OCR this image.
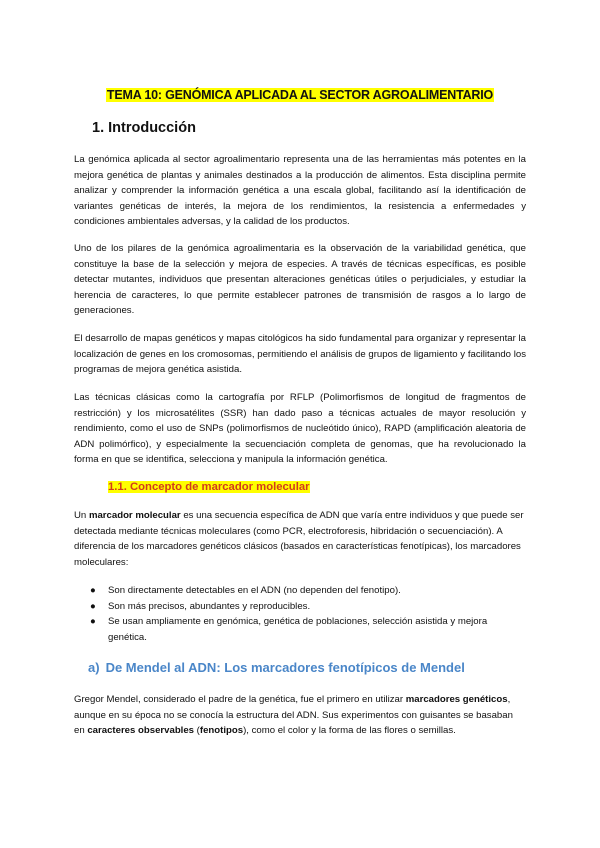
TEMA 10: GENÓMICA APLICADA AL SECTOR AGROALIMENTARIO
1. Introducción

La genómica aplicada al sector agroalimentario representa una de las herramientas más potentes en la mejora genética de plantas y animales destinados a la producción de alimentos. Esta disciplina permite analizar y comprender la información genética a una escala global, facilitando así la identificación de variantes genéticas de interés, la mejora de los rendimientos, la resistencia a enfermedades y condiciones ambientales adversas, y la calidad de los productos.

Uno de los pilares de la genómica agroalimentaria es la observación de la variabilidad genética, que constituye la base de la selección y mejora de especies. A través de técnicas específicas, es posible detectar mutantes, individuos que presentan alteraciones genéticas útiles o perjudiciales, y estudiar la herencia de caracteres, lo que permite establecer patrones de transmisión de rasgos a lo largo de generaciones.

El desarrollo de mapas genéticos y mapas citológicos ha sido fundamental para organizar y representar la localización de genes en los cromosomas, permitiendo el análisis de grupos de ligamiento y facilitando los programas de mejora genética asistida.

Las técnicas clásicas como la cartografía por RFLP (Polimorfismos de longitud de fragmentos de restricción) y los microsatélites (SSR) han dado paso a técnicas actuales de mayor resolución y rendimiento, como el uso de SNPs (polimorfismos de nucleótido único), RAPD (amplificación aleatoria de ADN polimórfico), y especialmente la secuenciación completa de genomas, que ha revolucionado la forma en que se identifica, selecciona y manipula la información genética.

1.1. Concepto de marcador molecular

Un marcador molecular es una secuencia específica de ADN que varía entre individuos y que puede ser detectada mediante técnicas moleculares (como PCR, electroforesis, hibridación o secuenciación). A diferencia de los marcadores genéticos clásicos (basados en características fenotípicas), los marcadores moleculares:

● Son directamente detectables en el ADN (no dependen del fenotipo).
● Son más precisos, abundantes y reproducibles.
● Se usan ampliamente en genómica, genética de poblaciones, selección asistida y mejora genética.
a) De Mendel al ADN: Los marcadores fenotípicos de Mendel

Gregor Mendel, considerado el padre de la genética, fue el primero en utilizar marcadores genéticos, aunque en su época no se conocía la estructura del ADN. Sus experimentos con guisantes se basaban en caracteres observables (fenotipos), como el color y la forma de las flores o semillas.
